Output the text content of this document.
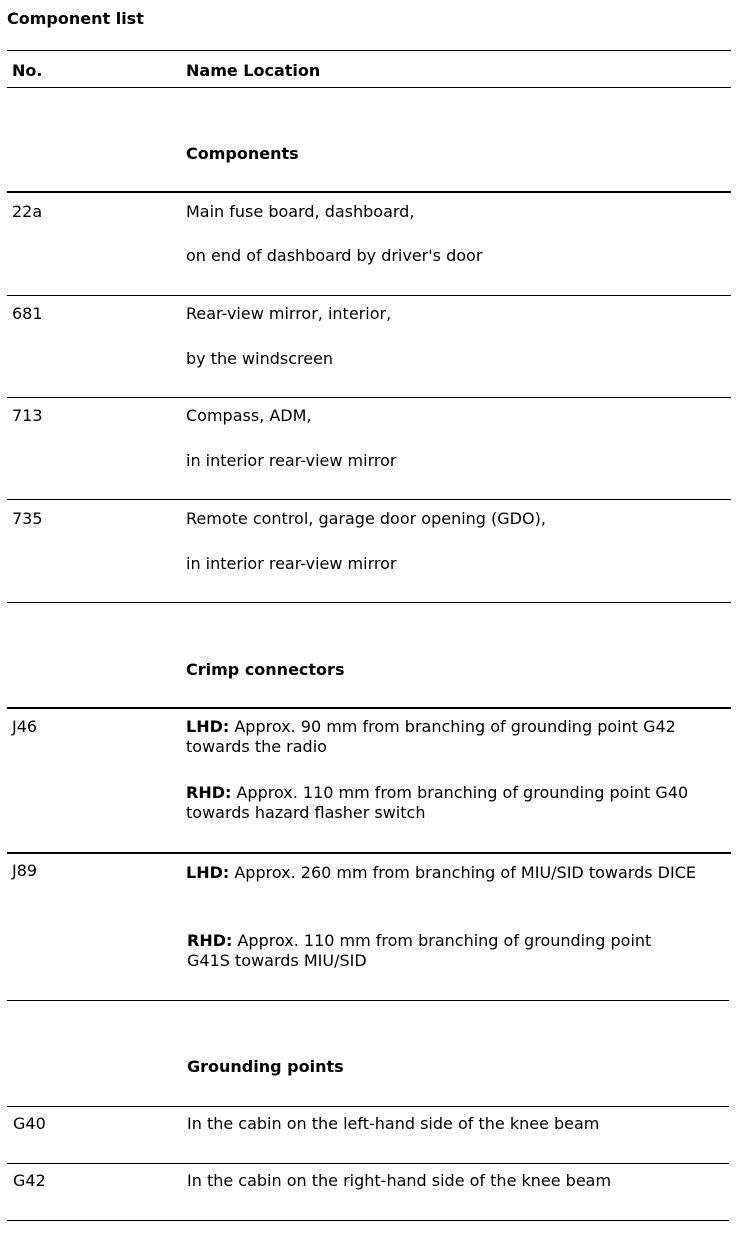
Component list
No.	Name Location
Components
22a	Main fuse board, dashboard,
on end of dashboard by driver's door
681	Rear-view mirror, interior,
by the windscreen
713	Compass, ADM,
in interior rear-view mirror
735	Remote control, garage door opening (GDO),
in interior rear-view mirror
Crimp connectors
J46	LHD: Approx. 90 mm from branching of grounding point G42 towards the radio
RHD: Approx. 110 mm from branching of grounding point G40 towards hazard flasher switch
J89	LHD: Approx. 260 mm from branching of MIU/SID towards DICE
RHD: Approx. 110 mm from branching of grounding point G41S towards MIU/SID
Grounding points
G40	In the cabin on the left-hand side of the knee beam
G42	In the cabin on the right-hand side of the knee beam
